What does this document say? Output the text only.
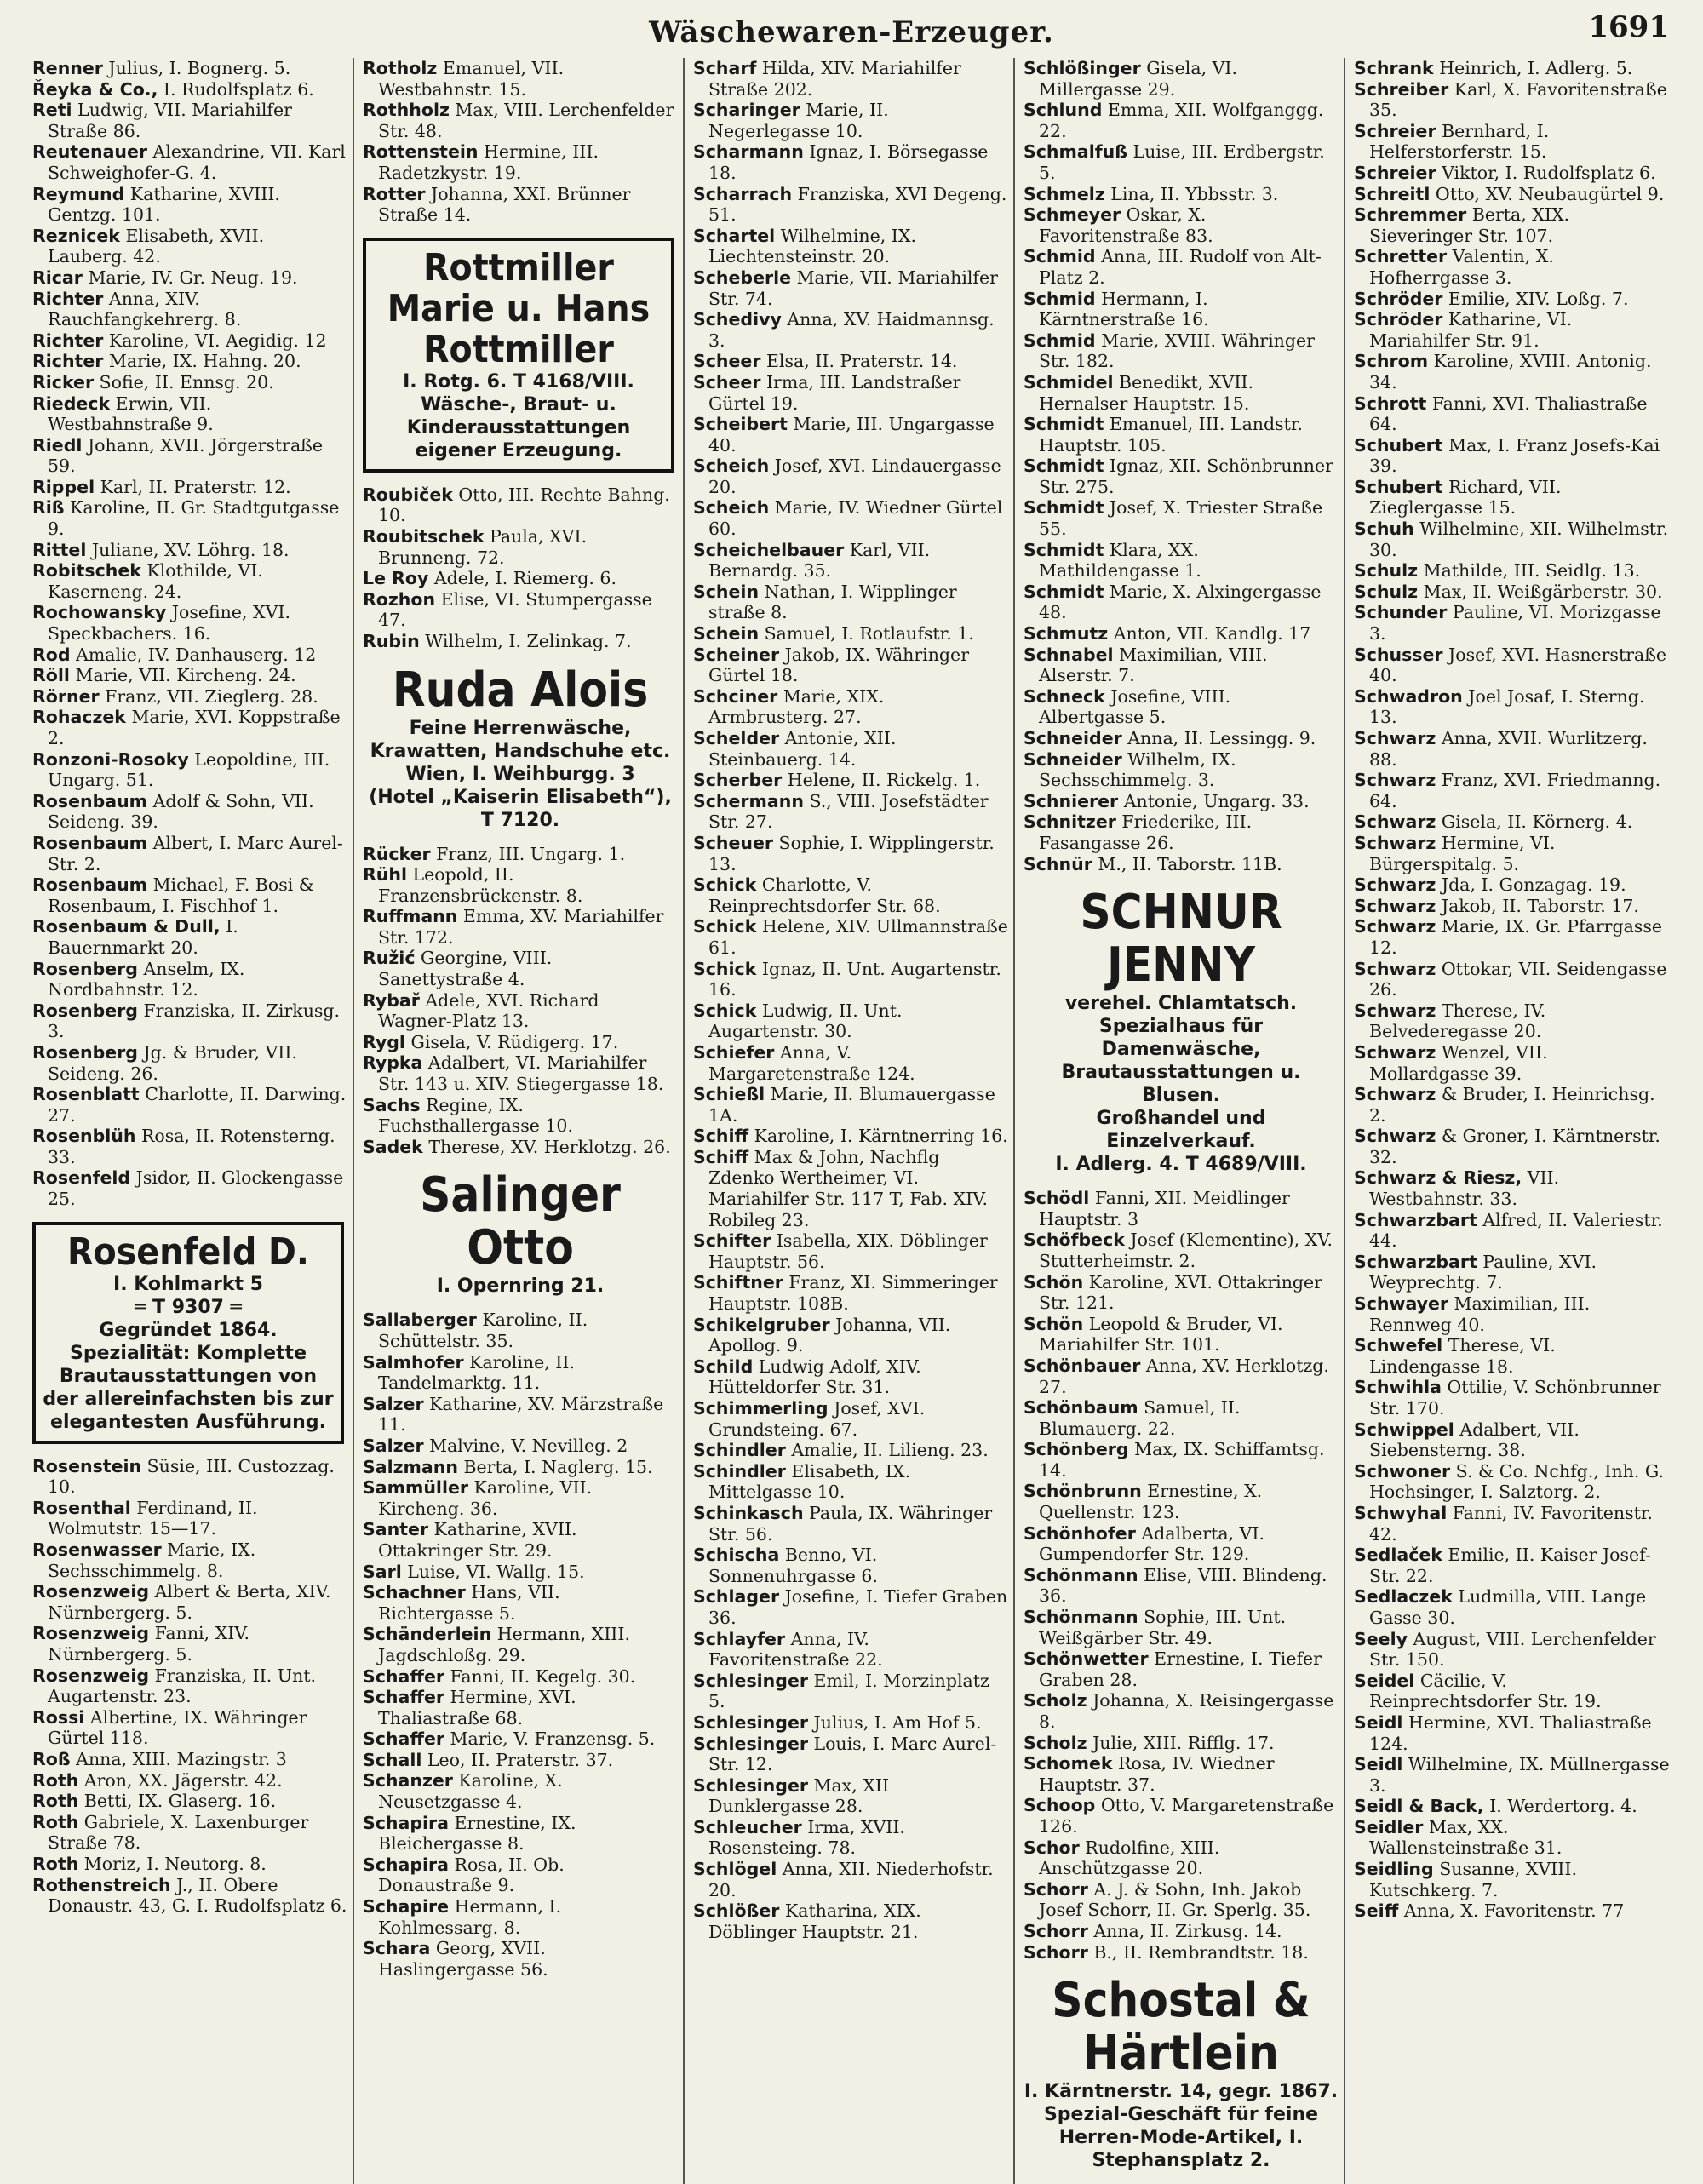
Wäschewaren-Erzeuger.	1691
Renner Julius, I. Bognerg. 5.
Řeyka & Co., I. Rudolfsplatz 6.
Reti Ludwig, VII. Mariahilfer Straße 86.
Reutenauer Alexandrine, VII. Karl Schweighofer-G. 4.
Reymund Katharine, XVIII. Gentzg. 101.
Reznicek Elisabeth, XVII. Lauberg. 42.
Ricar Marie, IV. Gr. Neug. 19.
Richter Anna, XIV. Rauchfangkehrerg. 8.
Richter Karoline, VI. Aegidig. 12
Richter Marie, IX. Hahng. 20.
Ricker Sofie, II. Ennsg. 20.
Riedeck Erwin, VII. Westbahnstraße 9.
Riedl Johann, XVII. Jörgerstraße 59.
Rippel Karl, II. Praterstr. 12.
Riß Karoline, II. Gr. Stadtgutgasse 9.
Rittel Juliane, XV. Löhrg. 18.
Robitschek Klothilde, VI. Kaserneng. 24.
Rochowansky Josefine, XVI. Speckbachers. 16.
Rod Amalie, IV. Danhauserg. 12
Röll Marie, VII. Kircheng. 24.
Rörner Franz, VII. Zieglerg. 28.
Rohaczek Marie, XVI. Koppstraße 2.
Ronzoni-Rosoky Leopoldine, III. Ungarg. 51.
Rosenbaum Adolf & Sohn, VII. Seideng. 39.
Rosenbaum Albert, I. Marc Aurel-Str. 2.
Rosenbaum Michael, F. Bosi & Rosenbaum, I. Fischhof 1.
Rosenbaum & Dull, I. Bauernmarkt 20.
Rosenberg Anselm, IX. Nordbahnstr. 12.
Rosenberg Franziska, II. Zirkusg. 3.
Rosenberg Jg. & Bruder, VII. Seideng. 26.
Rosenblatt Charlotte, II. Darwing. 27.
Rosenblüh Rosa, II. Rotensterng. 33.
Rosenfeld Jsidor, II. Glockengasse 25.
Rosenfeld D.
I. Kohlmarkt 5
═ T 9307 ═
Gegründet 1864.
Spezialität: Komplette Brautausstattungen von der allereinfachsten bis zur elegantesten Ausführung.
Rosenstein Süsie, III. Custozzag. 10.
Rosenthal Ferdinand, II. Wolmutstr. 15—17.
Rosenwasser Marie, IX. Sechsschimmelg. 8.
Rosenzweig Albert & Berta, XIV. Nürnbergerg. 5.
Rosenzweig Fanni, XIV. Nürnbergerg. 5.
Rosenzweig Franziska, II. Unt. Augartenstr. 23.
Rossi Albertine, IX. Währinger Gürtel 118.
Roß Anna, XIII. Mazingstr. 3
Roth Aron, XX. Jägerstr. 42.
Roth Betti, IX. Glaserg. 16.
Roth Gabriele, X. Laxenburger Straße 78.
Roth Moriz, I. Neutorg. 8.
Rothenstreich J., II. Obere Donaustr. 43, G. I. Rudolfsplatz 6.
Rotholz Emanuel, VII. Westbahnstr. 15.
Rothholz Max, VIII. Lerchenfelder Str. 48.
Rottenstein Hermine, III. Radetzkystr. 19.
Rotter Johanna, XXI. Brünner Straße 14.
Rottmiller Marie u. Hans Rottmiller
I. Rotg. 6. T 4168/VIII.
Wäsche-, Braut- u. Kinderausstattungen eigener Erzeugung.
Roubiček Otto, III. Rechte Bahng. 10.
Roubitschek Paula, XVI. Brunneng. 72.
Le Roy Adele, I. Riemerg. 6.
Rozhon Elise, VI. Stumpergasse 47.
Rubin Wilhelm, I. Zelinkag. 7.
Ruda Alois
Feine Herrenwäsche, Krawatten, Handschuhe etc.
Wien, I. Weihburgg. 3
(Hotel „Kaiserin Elisabeth“), T 7120.
Rücker Franz, III. Ungarg. 1.
Rühl Leopold, II. Franzensbrückenstr. 8.
Ruffmann Emma, XV. Mariahilfer Str. 172.
Ružić Georgine, VIII. Sanettystraße 4.
Rybař Adele, XVI. Richard Wagner-Platz 13.
Rygl Gisela, V. Rüdigerg. 17.
Rypka Adalbert, VI. Mariahilfer Str. 143 u. XIV. Stiegergasse 18.
Sachs Regine, IX. Fuchsthallergasse 10.
Sadek Therese, XV. Herklotzg. 26.
Salinger Otto
I. Opernring 21.
Sallaberger Karoline, II. Schüttelstr. 35.
Salmhofer Karoline, II. Tandelmarktg. 11.
Salzer Katharine, XV. Märzstraße 11.
Salzer Malvine, V. Nevilleg. 2
Salzmann Berta, I. Naglerg. 15.
Sammüller Karoline, VII. Kircheng. 36.
Santer Katharine, XVII. Ottakringer Str. 29.
Sarl Luise, VI. Wallg. 15.
Schachner Hans, VII. Richtergasse 5.
Schänderlein Hermann, XIII. Jagdschloßg. 29.
Schaffer Fanni, II. Kegelg. 30.
Schaffer Hermine, XVI. Thaliastraße 68.
Schaffer Marie, V. Franzensg. 5.
Schall Leo, II. Praterstr. 37.
Schanzer Karoline, X. Neusetzgasse 4.
Schapira Ernestine, IX. Bleichergasse 8.
Schapira Rosa, II. Ob. Donaustraße 9.
Schapire Hermann, I. Kohlmessarg. 8.
Schara Georg, XVII. Haslingergasse 56.
Scharf Hilda, XIV. Mariahilfer Straße 202.
Scharinger Marie, II. Negerlegasse 10.
Scharmann Ignaz, I. Börsegasse 18.
Scharrach Franziska, XVI Degeng. 51.
Schartel Wilhelmine, IX. Liechtensteinstr. 20.
Scheberle Marie, VII. Mariahilfer Str. 74.
Schedivy Anna, XV. Haidmannsg. 3.
Scheer Elsa, II. Praterstr. 14.
Scheer Irma, III. Landstraßer Gürtel 19.
Scheibert Marie, III. Ungargasse 40.
Scheich Josef, XVI. Lindauergasse 20.
Scheich Marie, IV. Wiedner Gürtel 60.
Scheichelbauer Karl, VII. Bernardg. 35.
Schein Nathan, I. Wipplinger straße 8.
Schein Samuel, I. Rotlaufstr. 1.
Scheiner Jakob, IX. Währinger Gürtel 18.
Schciner Marie, XIX. Armbrusterg. 27.
Schelder Antonie, XII. Steinbauerg. 14.
Scherber Helene, II. Rickelg. 1.
Schermann S., VIII. Josefstädter Str. 27.
Scheuer Sophie, I. Wipplingerstr. 13.
Schick Charlotte, V. Reinprechtsdorfer Str. 68.
Schick Helene, XIV. Ullmannstraße 61.
Schick Ignaz, II. Unt. Augartenstr. 16.
Schick Ludwig, II. Unt. Augartenstr. 30.
Schiefer Anna, V. Margaretenstraße 124.
Schießl Marie, II. Blumauergasse 1A.
Schiff Karoline, I. Kärntnerring 16.
Schiff Max & John, Nachflg Zdenko Wertheimer, VI. Mariahilfer Str. 117 T, Fab. XIV. Robileg 23.
Schifter Isabella, XIX. Döblinger Hauptstr. 56.
Schiftner Franz, XI. Simmeringer Hauptstr. 108B.
Schikelgruber Johanna, VII. Apollog. 9.
Schild Ludwig Adolf, XIV. Hütteldorfer Str. 31.
Schimmerling Josef, XVI. Grundsteing. 67.
Schindler Amalie, II. Lilieng. 23.
Schindler Elisabeth, IX. Mittelgasse 10.
Schinkasch Paula, IX. Währinger Str. 56.
Schischa Benno, VI. Sonnenuhrgasse 6.
Schlager Josefine, I. Tiefer Graben 36.
Schlayfer Anna, IV. Favoritenstraße 22.
Schlesinger Emil, I. Morzinplatz 5.
Schlesinger Julius, I. Am Hof 5.
Schlesinger Louis, I. Marc Aurel-Str. 12.
Schlesinger Max, XII Dunklergasse 28.
Schleucher Irma, XVII. Rosensteing. 78.
Schlögel Anna, XII. Niederhofstr. 20.
Schlößer Katharina, XIX. Döblinger Hauptstr. 21.
Schlößinger Gisela, VI. Millergasse 29.
Schlund Emma, XII. Wolfganggg. 22.
Schmalfuß Luise, III. Erdbergstr. 5.
Schmelz Lina, II. Ybbsstr. 3.
Schmeyer Oskar, X. Favoritenstraße 83.
Schmid Anna, III. Rudolf von Alt-Platz 2.
Schmid Hermann, I. Kärntnerstraße 16.
Schmid Marie, XVIII. Währinger Str. 182.
Schmidel Benedikt, XVII. Hernalser Hauptstr. 15.
Schmidt Emanuel, III. Landstr. Hauptstr. 105.
Schmidt Ignaz, XII. Schönbrunner Str. 275.
Schmidt Josef, X. Triester Straße 55.
Schmidt Klara, XX. Mathildengasse 1.
Schmidt Marie, X. Alxingergasse 48.
Schmutz Anton, VII. Kandlg. 17
Schnabel Maximilian, VIII. Alserstr. 7.
Schneck Josefine, VIII. Albertgasse 5.
Schneider Anna, II. Lessingg. 9.
Schneider Wilhelm, IX. Sechsschimmelg. 3.
Schnierer Antonie, Ungarg. 33.
Schnitzer Friederike, III. Fasangasse 26.
Schnür M., II. Taborstr. 11B.
SCHNUR JENNY
verehel. Chlamtatsch.
Spezialhaus für Damenwäsche, Brautausstattungen u. Blusen.
Großhandel und Einzelverkauf.
I. Adlerg. 4. T 4689/VIII.
Schödl Fanni, XII. Meidlinger Hauptstr. 3
Schöfbeck Josef (Klementine), XV. Stutterheimstr. 2.
Schön Karoline, XVI. Ottakringer Str. 121.
Schön Leopold & Bruder, VI. Mariahilfer Str. 101.
Schönbauer Anna, XV. Herklotzg. 27.
Schönbaum Samuel, II. Blumauerg. 22.
Schönberg Max, IX. Schiffamtsg. 14.
Schönbrunn Ernestine, X. Quellenstr. 123.
Schönhofer Adalberta, VI. Gumpendorfer Str. 129.
Schönmann Elise, VIII. Blindeng. 36.
Schönmann Sophie, III. Unt. Weißgärber Str. 49.
Schönwetter Ernestine, I. Tiefer Graben 28.
Scholz Johanna, X. Reisingergasse 8.
Scholz Julie, XIII. Rifflg. 17.
Schomek Rosa, IV. Wiedner Hauptstr. 37.
Schoop Otto, V. Margaretenstraße 126.
Schor Rudolfine, XIII. Anschützgasse 20.
Schorr A. J. & Sohn, Inh. Jakob Josef Schorr, II. Gr. Sperlg. 35.
Schorr Anna, II. Zirkusg. 14.
Schorr B., II. Rembrandtstr. 18.
Schostal & Härtlein
I. Kärntnerstr. 14, gegr. 1867.
Spezial-Geschäft für feine Herren-Mode-Artikel, I. Stephansplatz 2.
Schrank Heinrich, I. Adlerg. 5.
Schreiber Karl, X. Favoritenstraße 35.
Schreier Bernhard, I. Helferstorferstr. 15.
Schreier Viktor, I. Rudolfsplatz 6.
Schreitl Otto, XV. Neubaugürtel 9.
Schremmer Berta, XIX. Sieveringer Str. 107.
Schretter Valentin, X. Hofherrgasse 3.
Schröder Emilie, XIV. Loßg. 7.
Schröder Katharine, VI. Mariahilfer Str. 91.
Schrom Karoline, XVIII. Antonig. 34.
Schrott Fanni, XVI. Thaliastraße 64.
Schubert Max, I. Franz Josefs-Kai 39.
Schubert Richard, VII. Zieglergasse 15.
Schuh Wilhelmine, XII. Wilhelmstr. 30.
Schulz Mathilde, III. Seidlg. 13.
Schulz Max, II. Weißgärberstr. 30.
Schunder Pauline, VI. Morizgasse 3.
Schusser Josef, XVI. Hasnerstraße 40.
Schwadron Joel Josaf, I. Sterng. 13.
Schwarz Anna, XVII. Wurlitzerg. 88.
Schwarz Franz, XVI. Friedmanng. 64.
Schwarz Gisela, II. Körnerg. 4.
Schwarz Hermine, VI. Bürgerspitalg. 5.
Schwarz Jda, I. Gonzagag. 19.
Schwarz Jakob, II. Taborstr. 17.
Schwarz Marie, IX. Gr. Pfarrgasse 12.
Schwarz Ottokar, VII. Seidengasse 26.
Schwarz Therese, IV. Belvederegasse 20.
Schwarz Wenzel, VII. Mollardgasse 39.
Schwarz & Bruder, I. Heinrichsg. 2.
Schwarz & Groner, I. Kärntnerstr. 32.
Schwarz & Riesz, VII. Westbahnstr. 33.
Schwarzbart Alfred, II. Valeriestr. 44.
Schwarzbart Pauline, XVI. Weyprechtg. 7.
Schwayer Maximilian, III. Rennweg 40.
Schwefel Therese, VI. Lindengasse 18.
Schwihla Ottilie, V. Schönbrunner Str. 170.
Schwippel Adalbert, VII. Siebensterng. 38.
Schwoner S. & Co. Nchfg., Inh. G. Hochsinger, I. Salztorg. 2.
Schwyhal Fanni, IV. Favoritenstr. 42.
Sedlaček Emilie, II. Kaiser Josef-Str. 22.
Sedlaczek Ludmilla, VIII. Lange Gasse 30.
Seely August, VIII. Lerchenfelder Str. 150.
Seidel Cäcilie, V. Reinprechtsdorfer Str. 19.
Seidl Hermine, XVI. Thaliastraße 124.
Seidl Wilhelmine, IX. Müllnergasse 3.
Seidl & Back, I. Werdertorg. 4.
Seidler Max, XX. Wallensteinstraße 31.
Seidling Susanne, XVIII. Kutschkerg. 7.
Seiff Anna, X. Favoritenstr. 77
